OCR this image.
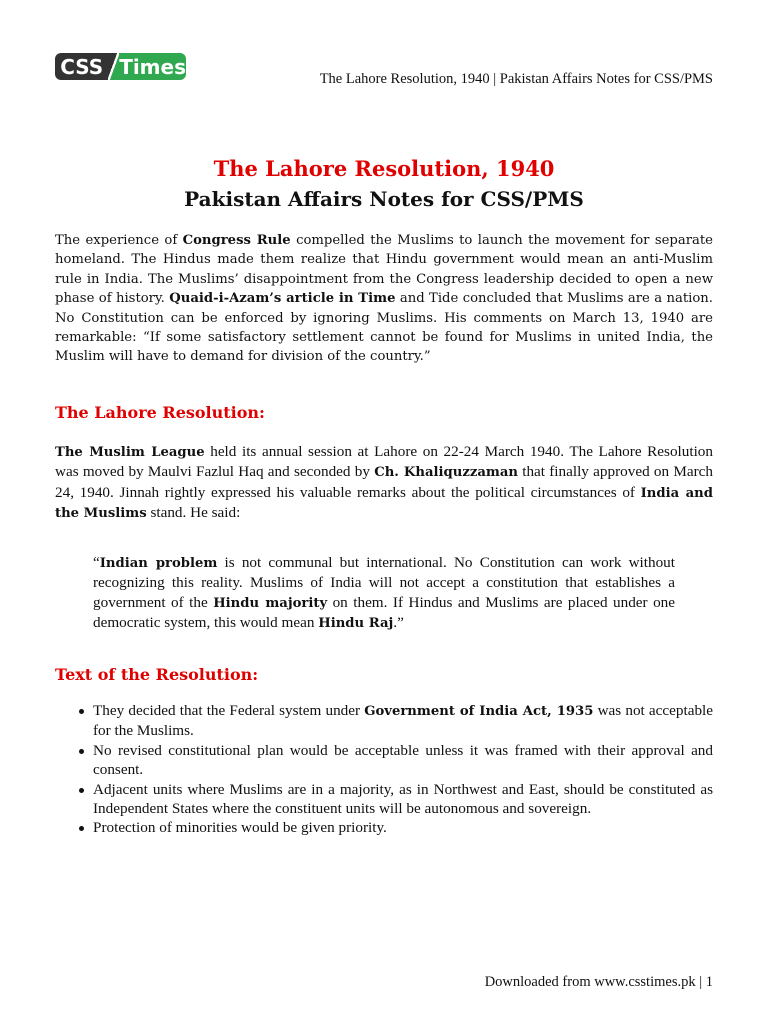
CSS Times
The Lahore Resolution, 1940 | Pakistan Affairs Notes for CSS/PMS
The Lahore Resolution, 1940
Pakistan Affairs Notes for CSS/PMS

The experience of Congress Rule compelled the Muslims to launch the movement for separate homeland. The Hindus made them realize that Hindu government would mean an anti-Muslim rule in India. The Muslims’ disappointment from the Congress leadership decided to open a new phase of history. Quaid-i-Azam’s article in Time and Tide concluded that Muslims are a nation. No Constitution can be enforced by ignoring Muslims. His comments on March 13, 1940 are remarkable: “If some satisfactory settlement cannot be found for Muslims in united India, the Muslim will have to demand for division of the country.”

The Lahore Resolution:

The Muslim League held its annual session at Lahore on 22-24 March 1940. The Lahore Resolution was moved by Maulvi Fazlul Haq and seconded by Ch. Khaliquzzaman that finally approved on March 24, 1940. Jinnah rightly expressed his valuable remarks about the political circumstances of India and the Muslims stand. He said:

“Indian problem is not communal but international. No Constitution can work without recognizing this reality. Muslims of India will not accept a constitution that establishes a government of the Hindu majority on them. If Hindus and Muslims are placed under one democratic system, this would mean Hindu Raj.”

Text of the Resolution:

They decided that the Federal system under Government of India Act, 1935 was not acceptable for the Muslims.
No revised constitutional plan would be acceptable unless it was framed with their approval and consent.
Adjacent units where Muslims are in a majority, as in Northwest and East, should be constituted as Independent States where the constituent units will be autonomous and sovereign.
Protection of minorities would be given priority.
Downloaded from www.csstimes.pk | 1
